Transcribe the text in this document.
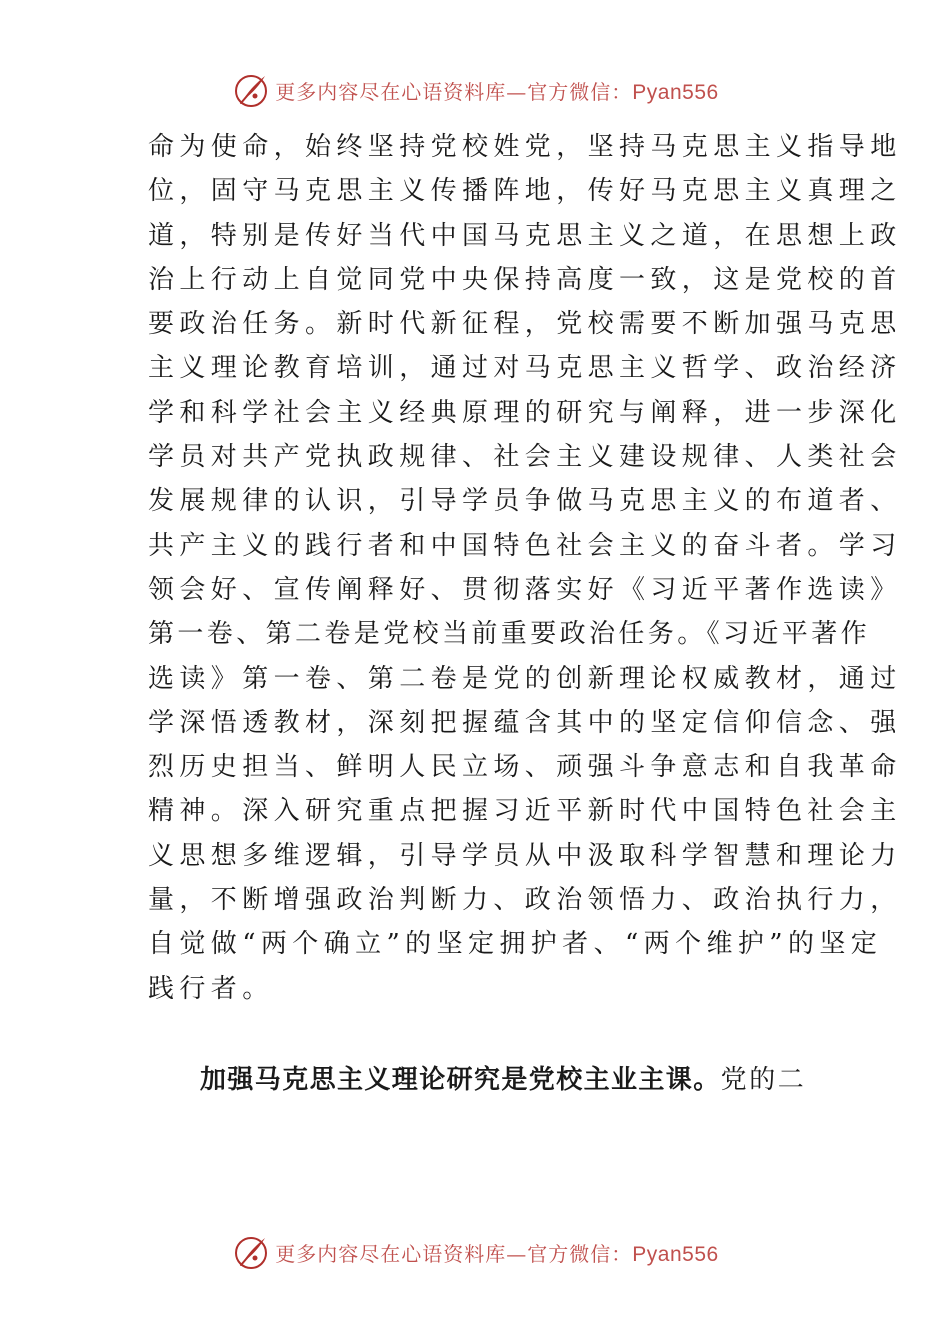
更多内容尽在心语资料库—官方微信：Pyan556
命为使命，始终坚持党校姓党，坚持马克思主义指导地
位，固守马克思主义传播阵地，传好马克思主义真理之
道，特别是传好当代中国马克思主义之道，在思想上政
治上行动上自觉同党中央保持高度一致，这是党校的首
要政治任务。新时代新征程，党校需要不断加强马克思
主义理论教育培训，通过对马克思主义哲学、政治经济
学和科学社会主义经典原理的研究与阐释，进一步深化
学员对共产党执政规律、社会主义建设规律、人类社会
发展规律的认识，引导学员争做马克思主义的布道者、
共产主义的践行者和中国特色社会主义的奋斗者。学习
领会好、宣传阐释好、贯彻落实好《习近平著作选读》
第一卷、第二卷是党校当前重要政治任务。《习近平著作
选读》第一卷、第二卷是党的创新理论权威教材，通过
学深悟透教材，深刻把握蕴含其中的坚定信仰信念、强
烈历史担当、鲜明人民立场、顽强斗争意志和自我革命
精神。深入研究重点把握习近平新时代中国特色社会主
义思想多维逻辑，引导学员从中汲取科学智慧和理论力
量，不断增强政治判断力、政治领悟力、政治执行力，
自觉做“两个确立”的坚定拥护者、“两个维护”的坚定
践行者。

加强马克思主义理论研究是党校主业主课。党的二

更多内容尽在心语资料库—官方微信：Pyan556
